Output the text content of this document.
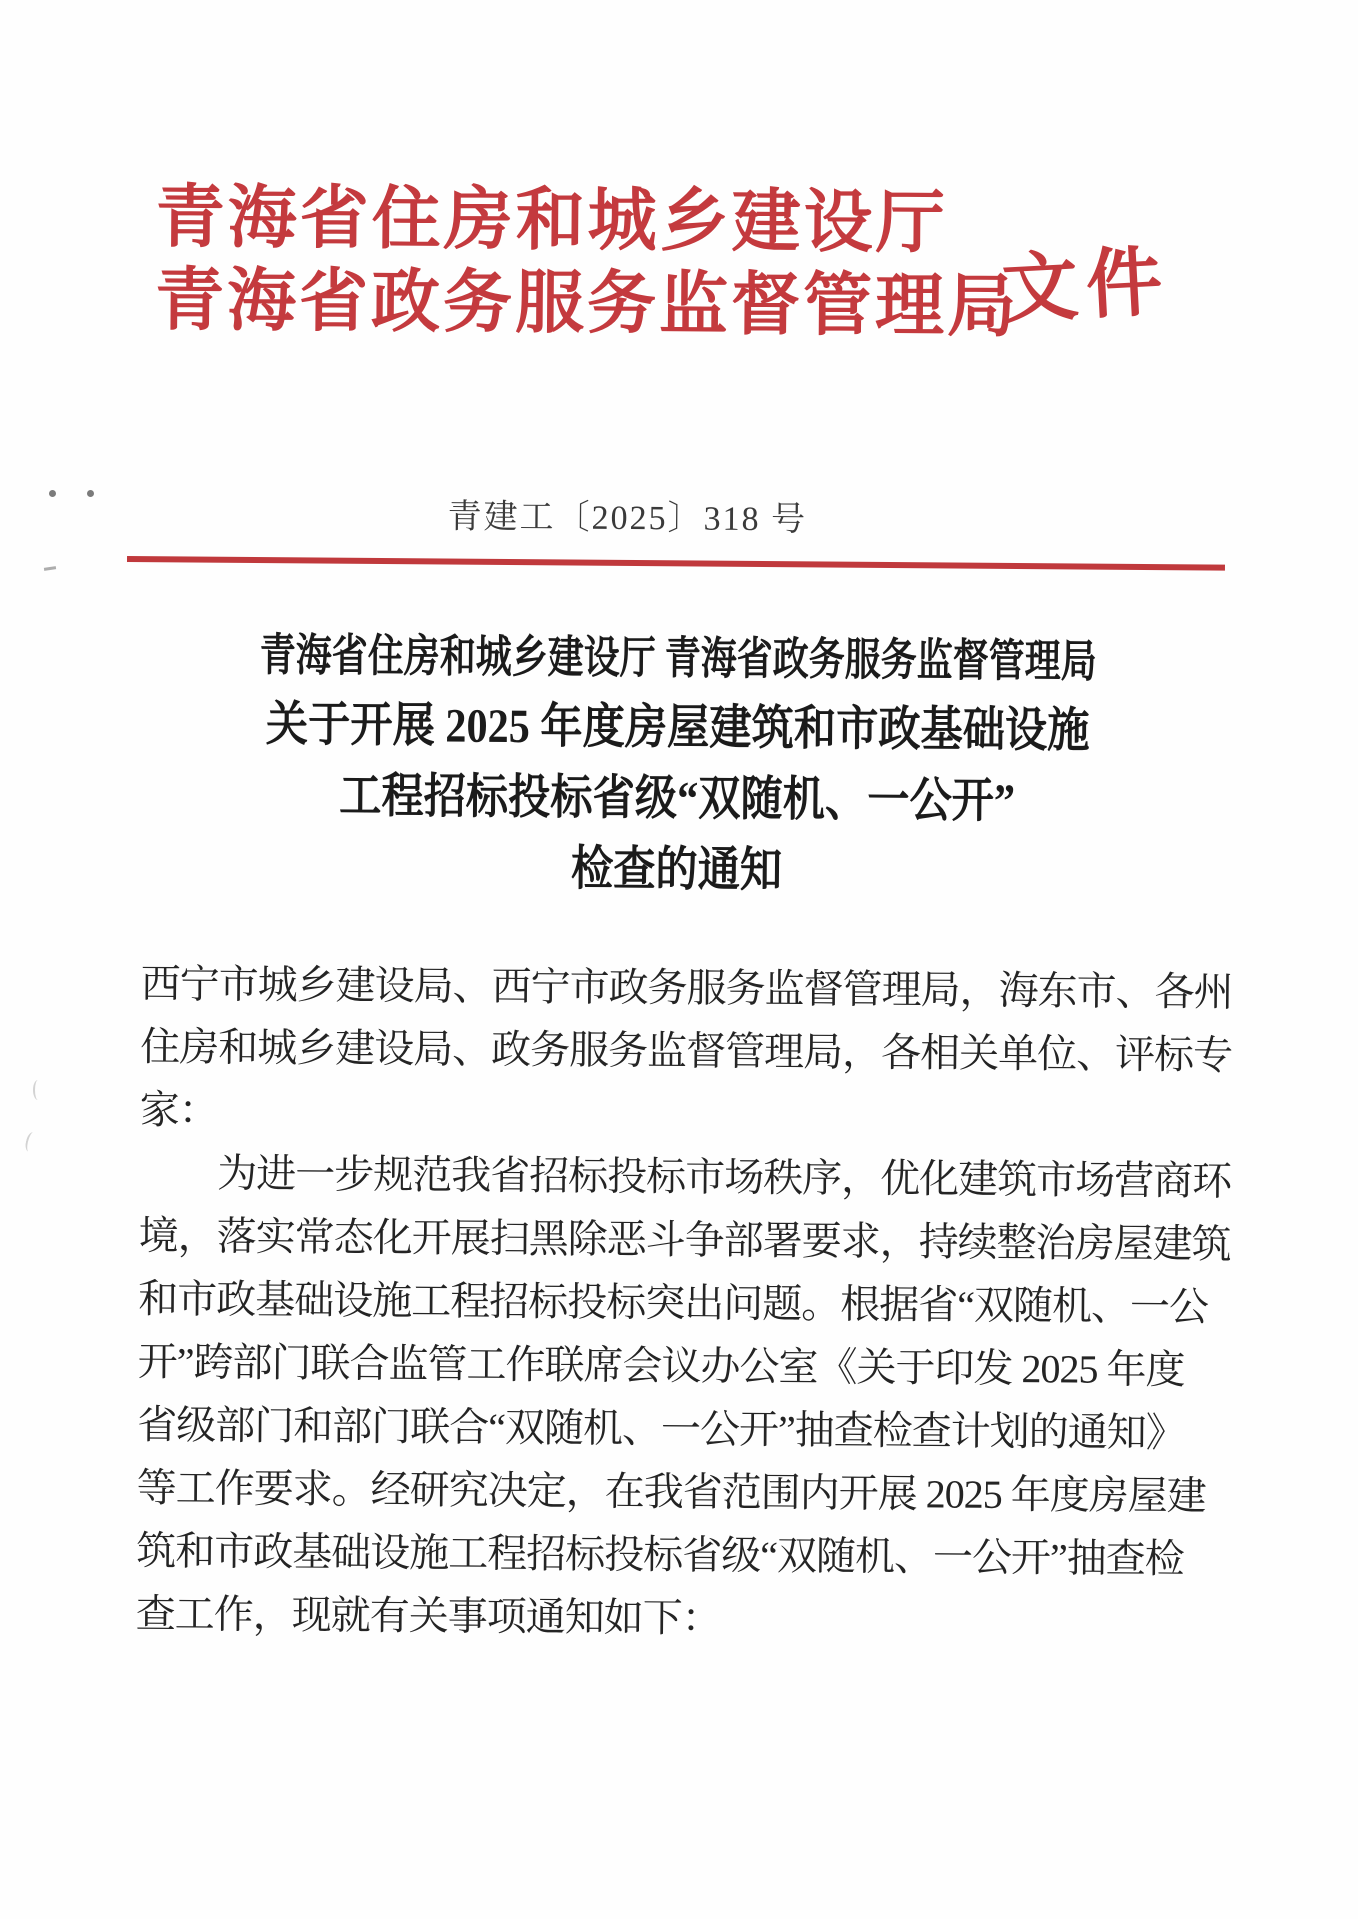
青海省住房和城乡建设厅
青海省政务服务监督管理局
文件
青建工〔2025〕318 号
青海省住房和城乡建设厅 青海省政务服务监督管理局
关于开展 2025 年度房屋建筑和市政基础设施
工程招标投标省级“双随机、一公开”
检查的通知
西宁市城乡建设局、西宁市政务服务监督管理局，海东市、各州
住房和城乡建设局、政务服务监督管理局，各相关单位、评标专
家：
　　为进一步规范我省招标投标市场秩序，优化建筑市场营商环
境，落实常态化开展扫黑除恶斗争部署要求，持续整治房屋建筑
和市政基础设施工程招标投标突出问题。根据省“双随机、一公
开”跨部门联合监管工作联席会议办公室《关于印发 2025 年度
省级部门和部门联合“双随机、一公开”抽查检查计划的通知》
等工作要求。经研究决定，在我省范围内开展 2025 年度房屋建
筑和市政基础设施工程招标投标省级“双随机、一公开”抽查检
查工作，现就有关事项通知如下：
